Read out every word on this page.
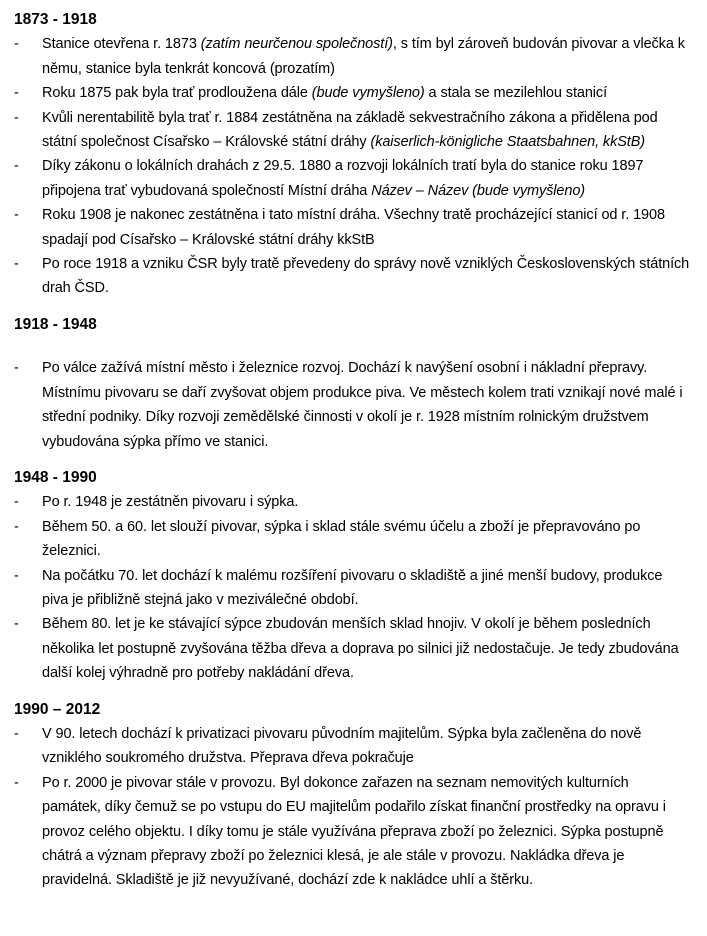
1873 - 1918
- Stanice otevřena r. 1873 (zatím neurčenou společností), s tím byl zároveň budován pivovar a vlečka k němu, stanice byla tenkrát koncová (prozatím)
- Roku 1875 pak byla trať prodloužena dále (bude vymyšleno) a stala se mezilehlou stanicí
- Kvůli nerentabilitě byla trať r. 1884 zestátněna na základě sekvestračního zákona a přidělena pod státní společnost Císařsko – Královské státní dráhy (kaiserlich-königliche Staatsbahnen, kkStB)
- Díky zákonu o lokálních drahách z 29.5. 1880 a rozvoji lokálních tratí byla do stanice roku 1897 připojena trať vybudovaná společností Místní dráha Název – Název (bude vymyšleno)
- Roku 1908 je nakonec zestátněna i tato místní dráha. Všechny tratě procházející stanicí od r. 1908 spadají pod Císařsko – Královské státní dráhy kkStB
- Po roce 1918 a vzniku ČSR byly tratě převedeny do správy nově vzniklých Československých státních drah ČSD.
1918 - 1948
- Po válce zažívá místní město i železnice rozvoj. Dochází k navýšení osobní i nákladní přepravy. Místnímu pivovaru se daří zvyšovat objem produkce piva. Ve městech kolem trati vznikají nové malé i střední podniky. Díky rozvoji zemědělské činnosti v okolí je r. 1928 místním rolnickým družstvem vybudována sýpka přímo ve stanici.
1948 - 1990
- Po r. 1948 je zestátněn pivovaru i sýpka.
- Během 50. a 60. let slouží pivovar, sýpka i sklad stále svému účelu a zboží je přepravováno po železnici.
- Na počátku 70. let dochází k malému rozšíření pivovaru o skladiště a jiné menší budovy, produkce piva je přibližně stejná jako v meziválečné období.
- Během 80. let je ke stávající sýpce zbudován menších sklad hnojiv. V okolí je během posledních několika let postupně zvyšována těžba dřeva a doprava po silnici již nedostačuje. Je tedy zbudována další kolej výhradně pro potřeby nakládání dřeva.
1990 – 2012
- V 90. letech dochází k privatizaci pivovaru původním majitelům. Sýpka byla začleněna do nově vzniklého soukromého družstva. Přeprava dřeva pokračuje
- Po r. 2000 je pivovar stále v provozu. Byl dokonce zařazen na seznam nemovitých kulturních památek, díky čemuž se po vstupu do EU majitelům podařilo získat finanční prostředky na opravu i provoz celého objektu. I díky tomu je stále využívána přeprava zboží po železnici. Sýpka postupně chátrá a význam přepravy zboží po železnici klesá, je ale stále v provozu. Nakládka dřeva je pravidelná. Skladiště je již nevyužívané, dochází zde k nakládce uhlí a štěrku.
